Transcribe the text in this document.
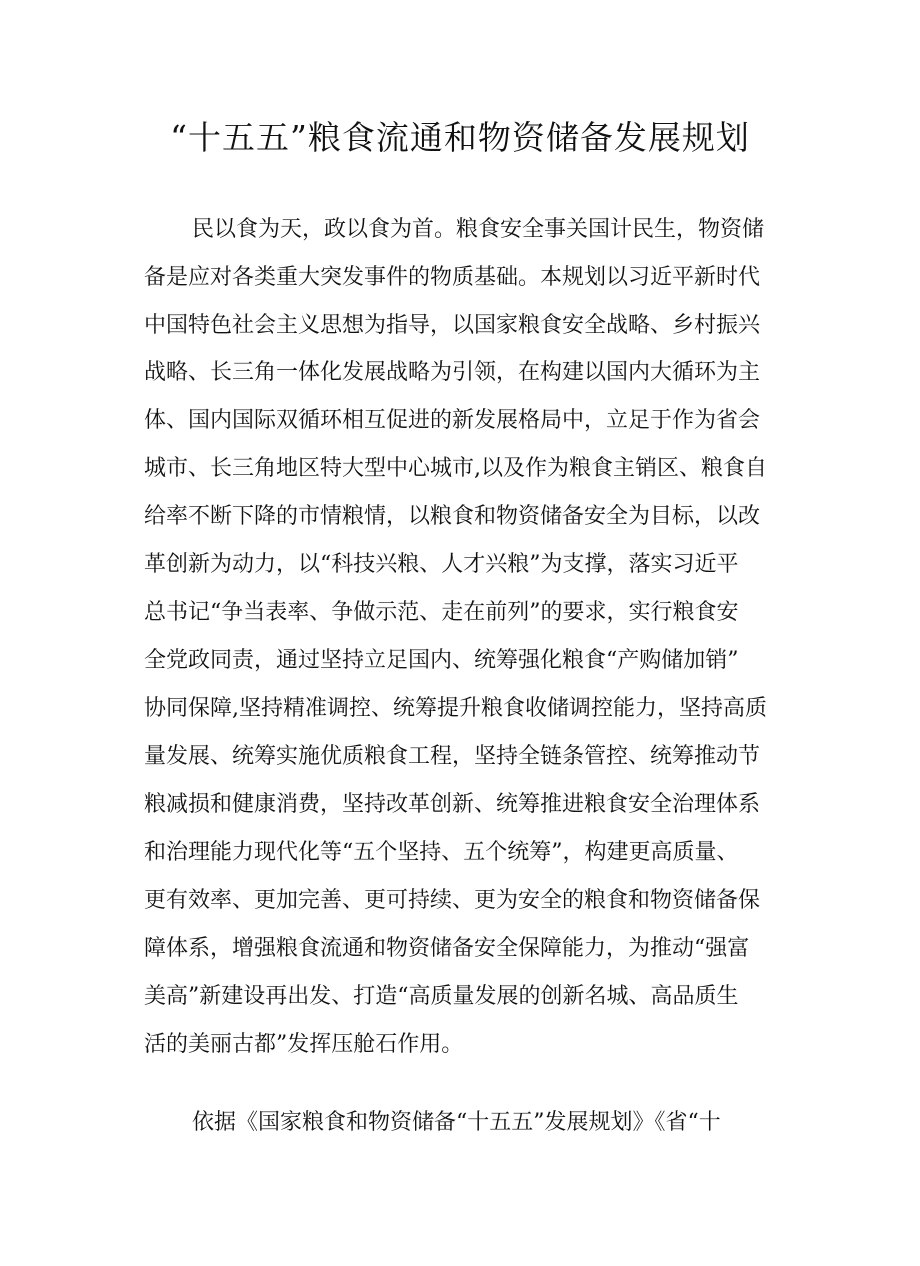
“十五五”粮食流通和物资储备发展规划
民以食为天，政以食为首。粮食安全事关国计民生，物资储
备是应对各类重大突发事件的物质基础。本规划以习近平新时代
中国特色社会主义思想为指导，以国家粮食安全战略、乡村振兴
战略、长三角一体化发展战略为引领，在构建以国内大循环为主
体、国内国际双循环相互促进的新发展格局中，立足于作为省会
城市、长三角地区特大型中心城市,以及作为粮食主销区、粮食自
给率不断下降的市情粮情，以粮食和物资储备安全为目标，以改
革创新为动力，以“科技兴粮、人才兴粮”为支撑，落实习近平
总书记“争当表率、争做示范、走在前列”的要求，实行粮食安
全党政同责，通过坚持立足国内、统筹强化粮食“产购储加销”
协同保障,坚持精准调控、统筹提升粮食收储调控能力，坚持高质
量发展、统筹实施优质粮食工程，坚持全链条管控、统筹推动节
粮减损和健康消费，坚持改革创新、统筹推进粮食安全治理体系
和治理能力现代化等“五个坚持、五个统筹”，构建更高质量、
更有效率、更加完善、更可持续、更为安全的粮食和物资储备保
障体系，增强粮食流通和物资储备安全保障能力，为推动“强富
美高”新建设再出发、打造“高质量发展的创新名城、高品质生
活的美丽古都”发挥压舱石作用。
依据《国家粮食和物资储备“十五五”发展规划》《省“十
